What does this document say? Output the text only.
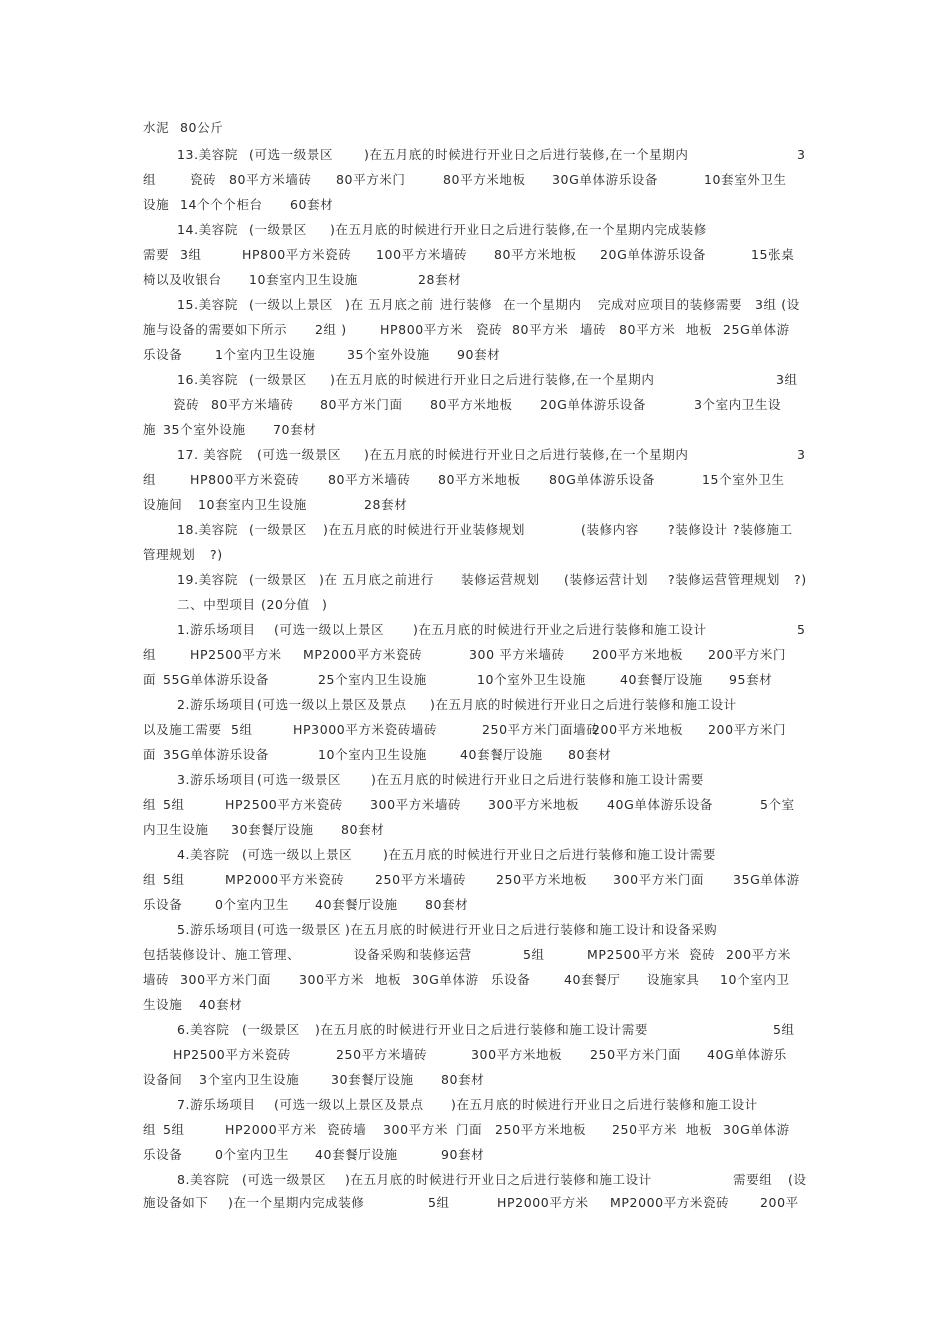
水泥 80公斤
13.美容院 (可选一级景区 )在五月底的时候进行开业日之后进行装修,在一个星期内	3
组	瓷砖 80平方米墙砖 80平方米门	80平方米地板 30G单体游乐设备	10套室外卫生
设施 14个个个柜台 60套材
14.美容院 (一级景区 )在五月底的时候进行开业日之后进行装修,在一个星期内完成装修
需要 3组	HP800平方米瓷砖 100平方米墙砖 80平方米地板 20G单体游乐设备	15张桌
椅以及收银台 10套室内卫生设施	28套材
15.美容院 (一级以上景区 )在 五月底之前 进行装修 在一个星期内 完成对应项目的装修需要 3组 (设
施与设备的需要如下所示 2组 )	HP800平方米 瓷砖 80平方米 墙砖 80平方米 地板 25G单体游
乐设备	1个室内卫生设施	35个室外设施 90套材
16.美容院 (一级景区 )在五月底的时候进行开业日之后进行装修,在一个星期内	3组
瓷砖 80平方米墙砖 80平方米门面 80平方米地板 20G单体游乐设备	3个室内卫生设
施 35个室外设施 70套材
17. 美容院 (可选一级景区 )在五月底的时候进行开业日之后进行装修,在一个星期内	3
组	HP800平方米瓷砖 80平方米墙砖 80平方米地板 80G单体游乐设备	15个室外卫生
设施间 10套室内卫生设施	28套材
18.美容院 (一级景区 )在五月底的时候进行开业装修规划	(装修内容 ?装修设计 ?装修施工
管理规划 ?)
19.美容院 (一级景区 )在 五月底之前进行 装修运营规划 (装修运营计划 ?装修运营管理规划 ?)
二、中型项目 (20分值 )
1.游乐场项目 (可选一级以上景区 )在五月底的时候进行开业之后进行装修和施工设计	5
组	HP2500平方米 MP2000平方米瓷砖	300 平方米墙砖 200平方米地板 200平方米门
面 55G单体游乐设备	25个室内卫生设施	10个室外卫生设施	40套餐厅设施 95套材
2.游乐场项目 (可选一级以上景区及景点 )在五月底的时候进行开业日之后进行装修和施工设计
以及施工需要 5组	HP3000平方米瓷砖墙砖	250平方米门面墙砖
200平方米地板 200平方米门
面 35G单体游乐设备	10个室内卫生设施	40套餐厅设施 80套材
3.游乐场项目 (可选一级景区 )在五月底的时候进行开业日之后进行装修和施工设计需要
组 5组	HP2500平方米瓷砖 300平方米墙砖 300平方米地板 40G单体游乐设备	5个室
内卫生设施 30套餐厅设施 80套材
4.美容院 (可选一级以上景区 )在五月底的时候进行开业日之后进行装修和施工设计需要
组 5组	MP2000平方米瓷砖 250平方米墙砖 250平方米地板 300平方米门面 35G单体游
乐设备	0个室内卫生 40套餐厅设施 80套材
5.游乐场项目 (可选一级景区 )在五月底的时候进行开业日之后进行装修和施工设计和设备采购
包括装修设计、施工管理、	设备采购和装修运营	5组	MP2500平方米 瓷砖 200平方米
墙砖 300平方米门面 300平方米 地板 30G单体游 乐设备	40套餐厅 设施家具 10个室内卫
生设施 40套材
6.美容院 (一级景区 )在五月底的时候进行开业日之后进行装修和施工设计需要	5组
HP2500平方米瓷砖	250平方米墙砖	300平方米地板 250平方米门面 40G单体游乐
设备间 3个室内卫生设施	30套餐厅设施 80套材
7.游乐场项目 (可选一级以上景区及景点 )在五月底的时候进行开业日之后进行装修和施工设计
组 5组	HP2000平方米 瓷砖墙 300平方米 门面 250平方米地板 250平方米 地板 30G单体游
乐设备	0个室内卫生 40套餐厅设施	90套材
8.美容院 (可选一级景区 )在五月底的时候进行开业日之后进行装修和施工设计	需要组 (设
施设备如下 )在一个星期内完成装修	5组	HP2000平方米 MP2000平方米瓷砖 200平
